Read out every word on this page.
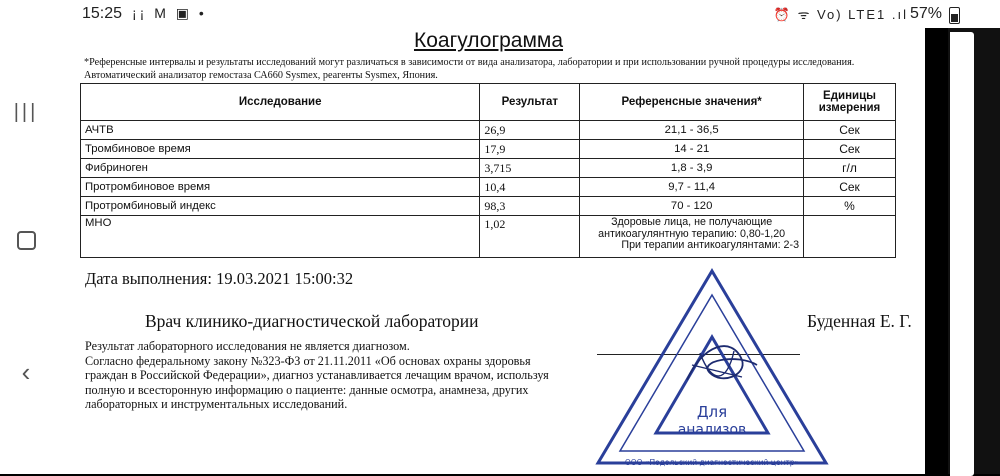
15:25 ¡¡ M ▣ •	⏰ ᯤ Vo) LTE1 .ıl 57%
|||
‹
Коагулограмма
*Референсные интервалы и результаты исследований могут различаться в зависимости от вида анализатора, лаборатории и при использовании ручной процедуры исследования. Автоматический анализатор гемостаза СА660 Sysmex, реагенты Sysmex, Япония.
Исследование	Результат	Референсные значения*	Единицы измерения
АЧТВ	26,9	21,1 - 36,5	Сек
Тромбиновое время	17,9	14 - 21	Сек
Фибриноген	3,715	1,8 - 3,9	г/л
Протромбиновое время	10,4	9,7 - 11,4	Сек
Протромбиновый индекс	98,3	70 - 120	%
МНО	1,02	Здоровые лица, не получающие
антикоагулянтную терапию: 0,80-1,20
При терапии антикоагулянтами: 2-3	

Дата выполнения: 19.03.2021 15:00:32
Врач клинико-диагностической лаборатории	Буденная Е. Г.
Результат лабораторного исследования не является диагнозом.
Согласно федеральному закону №323-ФЗ от 21.11.2011 «Об основах охраны здоровья
граждан в Российской Федерации», диагноз устанавливается лечащим врачом, используя
полную и всесторонную информацию о пациенте: данные осмотра, анамнеза, других
лабораторных и инструментальных исследований.	Для
анализов
ООО «Подольский диагностический центр»
